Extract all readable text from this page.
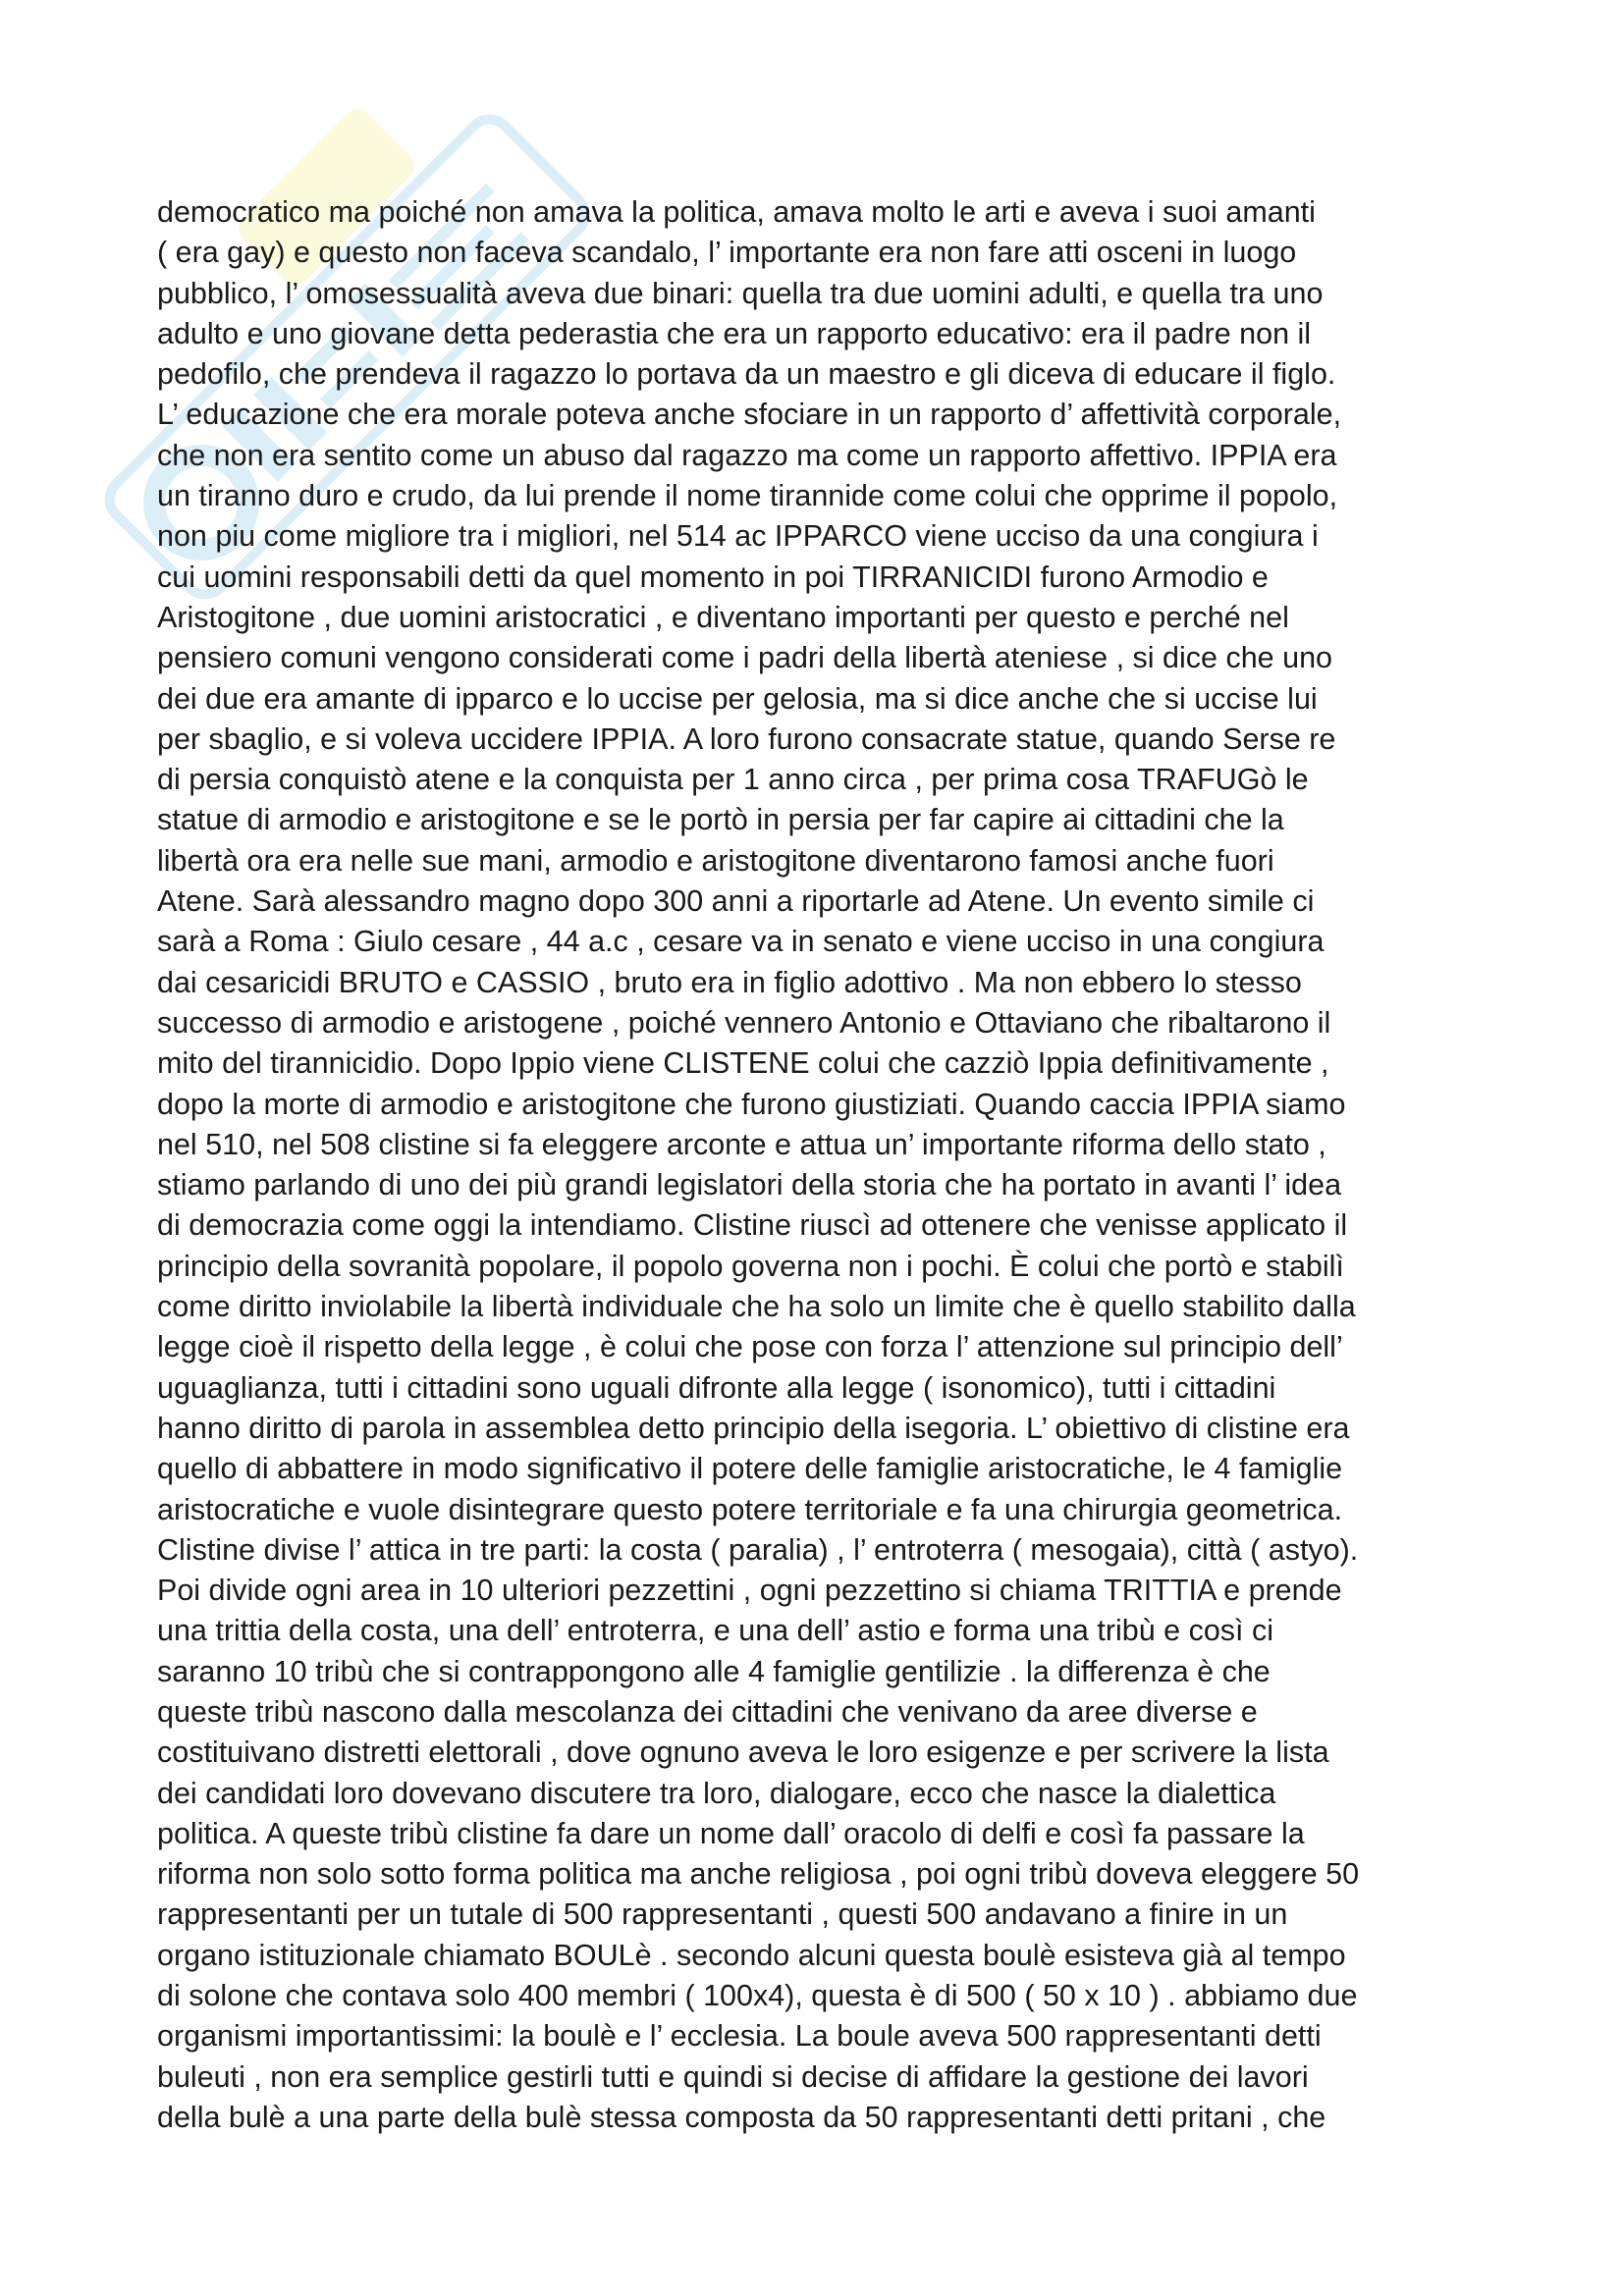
democratico ma poiché non amava la politica, amava molto le arti e aveva i suoi amanti
( era gay) e questo non faceva scandalo, l’ importante era non fare atti osceni in luogo
pubblico, l’ omosessualità aveva due binari: quella tra due uomini adulti, e quella tra uno
adulto e uno giovane detta pederastia che era un rapporto educativo: era il padre non il
pedofilo, che prendeva il ragazzo lo portava da un maestro e gli diceva di educare il figlo.
L’ educazione che era morale poteva anche sfociare in un rapporto d’ affettività corporale,
che non era sentito come un abuso dal ragazzo ma come un rapporto affettivo. IPPIA era
un tiranno duro e crudo, da lui prende il nome tirannide come colui che opprime il popolo,
non piu come migliore tra i migliori, nel 514 ac IPPARCO viene ucciso da una congiura i
cui uomini responsabili detti da quel momento in poi TIRRANICIDI furono Armodio e
Aristogitone , due uomini aristocratici , e diventano importanti per questo e perché nel
pensiero comuni vengono considerati come i padri della libertà ateniese , si dice che uno
dei due era amante di ipparco e lo uccise per gelosia, ma si dice anche che si uccise lui
per sbaglio, e si voleva uccidere IPPIA. A loro furono consacrate statue, quando Serse re
di persia conquistò atene e la conquista per 1 anno circa , per prima cosa TRAFUGò le
statue di armodio e aristogitone e se le portò in persia per far capire ai cittadini che la
libertà ora era nelle sue mani, armodio e aristogitone diventarono famosi anche fuori
Atene. Sarà alessandro magno dopo 300 anni a riportarle ad Atene. Un evento simile ci
sarà a Roma : Giulo cesare , 44 a.c , cesare va in senato e viene ucciso in una congiura
dai cesaricidi BRUTO e CASSIO , bruto era in figlio adottivo . Ma non ebbero lo stesso
successo di armodio e aristogene , poiché vennero Antonio e Ottaviano che ribaltarono il
mito del tirannicidio. Dopo Ippio viene CLISTENE colui che cazziò Ippia definitivamente ,
dopo la morte di armodio e aristogitone che furono giustiziati. Quando caccia IPPIA siamo
nel 510, nel 508 clistine si fa eleggere arconte e attua un’ importante riforma dello stato ,
stiamo parlando di uno dei più grandi legislatori della storia che ha portato in avanti l’ idea
di democrazia come oggi la intendiamo. Clistine riuscì ad ottenere che venisse applicato il
principio della sovranità popolare, il popolo governa non i pochi. È colui che portò e stabilì
come diritto inviolabile la libertà individuale che ha solo un limite che è quello stabilito dalla
legge cioè il rispetto della legge , è colui che pose con forza l’ attenzione sul principio dell’
uguaglianza, tutti i cittadini sono uguali difronte alla legge ( isonomico), tutti i cittadini
hanno diritto di parola in assemblea detto principio della isegoria. L’ obiettivo di clistine era
quello di abbattere in modo significativo il potere delle famiglie aristocratiche, le 4 famiglie
aristocratiche e vuole disintegrare questo potere territoriale e fa una chirurgia geometrica.
Clistine divise l’ attica in tre parti: la costa ( paralia) , l’ entroterra ( mesogaia), città ( astyo).
Poi divide ogni area in 10 ulteriori pezzettini , ogni pezzettino si chiama TRITTIA e prende
una trittia della costa, una dell’ entroterra, e una dell’ astio e forma una tribù e così ci
saranno 10 tribù che si contrappongono alle 4 famiglie gentilizie . la differenza è che
queste tribù nascono dalla mescolanza dei cittadini che venivano da aree diverse e
costituivano distretti elettorali , dove ognuno aveva le loro esigenze e per scrivere la lista
dei candidati loro dovevano discutere tra loro, dialogare, ecco che nasce la dialettica
politica. A queste tribù clistine fa dare un nome dall’ oracolo di delfi e così fa passare la
riforma non solo sotto forma politica ma anche religiosa , poi ogni tribù doveva eleggere 50
rappresentanti per un tutale di 500 rappresentanti , questi 500 andavano a finire in un
organo istituzionale chiamato BOULè . secondo alcuni questa boulè esisteva già al tempo
di solone che contava solo 400 membri ( 100x4), questa è di 500 ( 50 x 10 ) . abbiamo due
organismi importantissimi: la boulè e l’ ecclesia. La boule aveva 500 rappresentanti detti
buleuti , non era semplice gestirli tutti e quindi si decise di affidare la gestione dei lavori
della bulè a una parte della bulè stessa composta da 50 rappresentanti detti pritani , che
